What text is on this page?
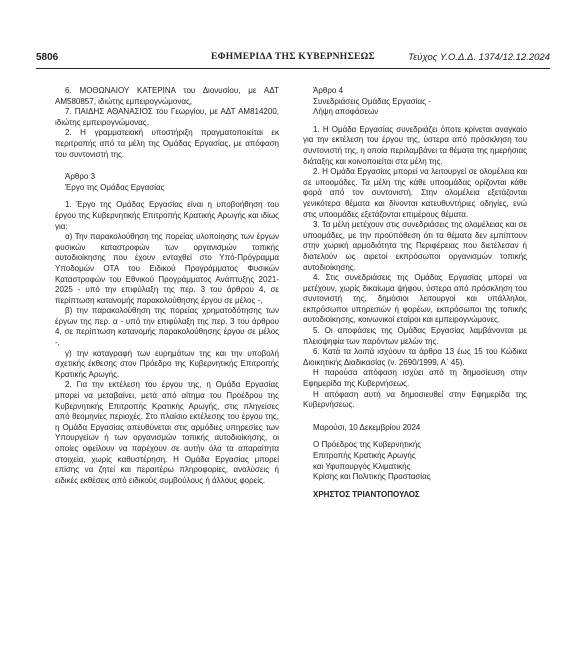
5806	ΕΦΗΜΕΡΙΔΑ ΤΗΣ ΚΥΒΕΡΝΗΣΕΩΣ	Τεύχος Υ.Ο.Δ.Δ. 1374/12.12.2024

6. ΜΟΘΩΝΑΙΟΥ ΚΑΤΕΡΙΝΑ του Διονυσίου, με ΑΔΤ ΑΜ580857, ιδιώτης εμπειρογνώμονας,

7. ΠΑΙΔΗΣ ΑΘΑΝΑΣΙΟΣ του Γεωργίου, με ΑΔΤ ΑΜ814200, ιδιώτης εμπειρογνώμονας.

2. Η γραμματειακή υποστήριξη πραγματοποιείται εκ περιτροπής από τα μέλη της Ομάδας Εργασίας, με απόφαση του συντονιστή της.

Άρθρο 3

Έργο της Ομάδας Εργασίας

1. Έργο της Ομάδας Εργασίας είναι η υποβοήθηση του έργου της Κυβερνητικής Επιτροπής Κρατικής Αρωγής και ιδίως για:

α) Την παρακολούθηση της πορείας υλοποίησης των έργων φυσικών καταστροφών των οργανισμών τοπικής αυτοδιοίκησης που έχουν ενταχθεί στο Υπό-Πρόγραμμα Υποδομών ΟΤΑ του Ειδικού Προγράμματος Φυσικών Καταστροφών του Εθνικού Προγράμματος Ανάπτυξης 2021-2025 - υπό την επιφύλαξη της περ. 3 του άρθρου 4, σε περίπτωση κατανομής παρακολούθησης έργου σε μέλος -,

β) την παρακολούθηση της πορείας χρηματοδότησης των έργων της περ. α - υπό την επιφύλαξη της περ. 3 του άρθρου 4, σε περίπτωση κατανομής παρακολούθησης έργου σε μέλος -,

γ) την καταγραφή των ευρημάτων της και την υποβολή σχετικής έκθεσης στον Πρόεδρο της Κυβερνητικής Επιτροπής Κρατικής Αρωγής.

2. Για την εκτέλεση του έργου της, η Ομάδα Εργασίας μπορεί να μεταβαίνει, μετά από αίτημα του Προέδρου της Κυβερνητικής Επιτροπής Κρατικής Αρωγής, στις πληγείσες από θεομηνίες περιοχές. Στο πλαίσιο εκτέλεσης του έργου της, η Ομάδα Εργασίας απευθύνεται στις αρμόδιες υπηρεσίες των Υπουργείων ή των οργανισμών τοπικής αυτοδιοίκησης, οι οποίες οφείλουν να παρέχουν σε αυτήν όλα τα απαραίτητα στοιχεία, χωρίς καθυστέρηση. Η Ομάδα Εργασίας μπορεί επίσης να ζητεί και περαιτέρω πληροφορίες, αναλύσεις ή ειδικές εκθέσεις από ειδικούς συμβούλους ή άλλους φορείς.

Άρθρο 4

Συνεδριάσεις Ομάδας Εργασίας -

Λήψη αποφάσεων

1. Η Ομάδα Εργασίας συνεδριάζει όποτε κρίνεται αναγκαίο για την εκτέλεση του έργου της, ύστερα από πρόσκληση του συντονιστή της, η οποία περιλαμβάνει τα θέματα της ημερήσιας διάταξης και κοινοποιείται στα μέλη της.

2. Η Ομάδα Εργασίας μπορεί να λειτουργεί σε ολομέλεια και σε υποομάδες. Τα μέλη της κάθε υποομάδας ορίζονται κάθε φορά από τον συντονιστή. Στην ολομέλεια εξετάζονται γενικότερα θέματα και δίνονται κατευθυντήριες οδηγίες, ενώ στις υποομάδες εξετάζονται επιμέρους θέματα.

3. Τα μέλη μετέχουν στις συνεδριάσεις της ολομέλειας και σε υποομάδες, με την προϋπόθεση ότι τα θέματα δεν εμπίπτουν στην χωρική αρμοδιότητα της Περιφέρειας που διετέλεσαν ή διατελούν ως αιρετοί εκπρόσωποι οργανισμών τοπικής αυτοδιοίκησης.

4. Στις συνεδριάσεις της Ομάδας Εργασίας μπορεί να μετέχουν, χωρίς δικαίωμα ψήφου, ύστερα από πρόσκληση του συντονιστή της, δημόσιοι λειτουργοί και υπάλληλοι, εκπρόσωποι υπηρεσιών ή φορέων, εκπρόσωποι της τοπικής αυτοδιοίκησης, κοινωνικοί εταίροι και εμπειρογνώμονες.

5. Οι αποφάσεις της Ομάδας Εργασίας λαμβάνονται με πλειοψηφία των παρόντων μελών της.

6. Κατά τα λοιπά ισχύουν τα άρθρα 13 έως 15 του Κώδικα Διοικητικής Διαδικασίας (ν. 2690/1999, Α΄ 45).

Η παρούσα απόφαση ισχύει από τη δημοσίευση στην Εφημερίδα της Κυβερνήσεως.

Η απόφαση αυτή να δημοσιευθεί στην Εφημερίδα της Κυβερνήσεως.

Μαρούσι, 10 Δεκεμβρίου 2024

Ο Πρόεδρος της Κυβερνητικής

Επιτροπής Κρατικής Αρωγής

και Υφυπουργός Κλιματικής

Κρίσης και Πολιτικής Προστασίας

ΧΡΗΣΤΟΣ ΤΡΙΑΝΤΟΠΟΥΛΟΣ
